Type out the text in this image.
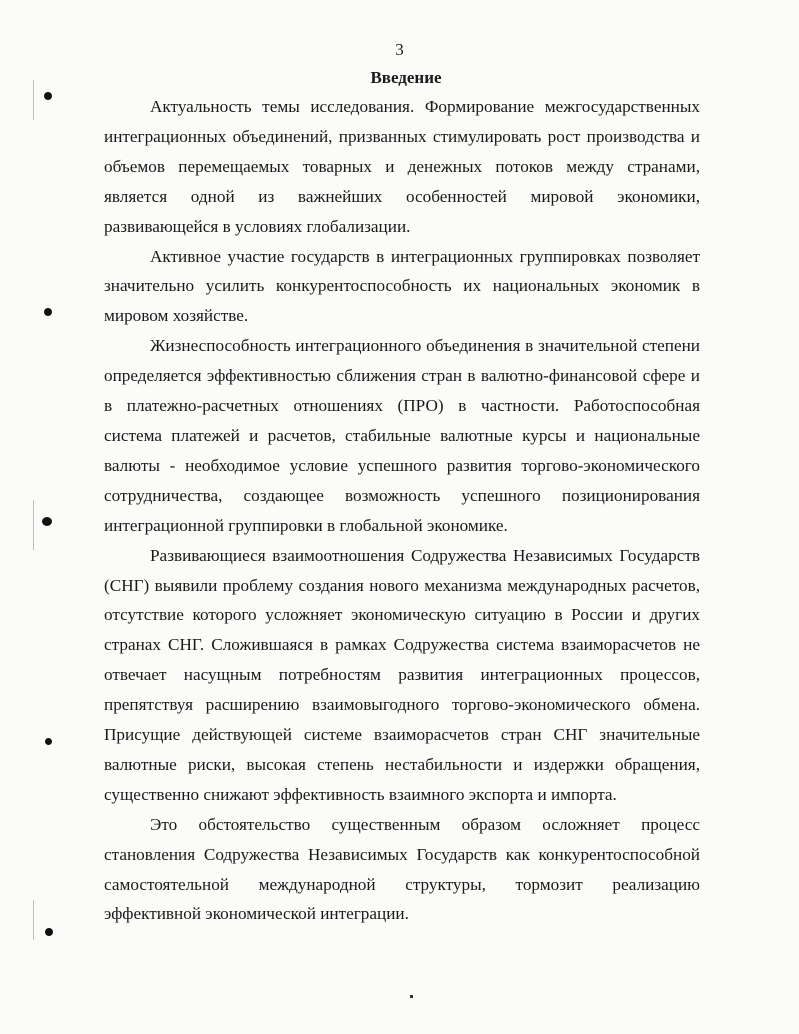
3
Введение

Актуальность темы исследования. Формирование межгосударственных интеграционных объединений, призванных стимулировать рост производства и объемов перемещаемых товарных и денежных потоков между странами, является одной из важнейших особенностей мировой экономики, развивающейся в условиях глобализации.

Активное участие государств в интеграционных группировках позволяет значительно усилить конкурентоспособность их национальных экономик в мировом хозяйстве.

Жизнеспособность интеграционного объединения в значительной степени определяется эффективностью сближения стран в валютно-финансовой сфере и в платежно-расчетных отношениях (ПРО) в частности. Работоспособная система платежей и расчетов, стабильные валютные курсы и национальные валюты - необходимое условие успешного развития торгово-экономического сотрудничества, создающее возможность успешного позиционирования интеграционной группировки в глобальной экономике.

Развивающиеся взаимоотношения Содружества Независимых Государств (СНГ) выявили проблему создания нового механизма международных расчетов, отсутствие которого усложняет экономическую ситуацию в России и других странах СНГ. Сложившаяся в рамках Содружества система взаиморасчетов не отвечает насущным потребностям развития интеграционных процессов, препятствуя расширению взаимовыгодного торгово-экономического обмена. Присущие действующей системе взаиморасчетов стран СНГ значительные валютные риски, высокая степень нестабильности и издержки обращения, существенно снижают эффективность взаимного экспорта и импорта.

Это обстоятельство существенным образом осложняет процесс становления Содружества Независимых Государств как конкурентоспособной самостоятельной международной структуры, тормозит реализацию эффективной экономической интеграции.
